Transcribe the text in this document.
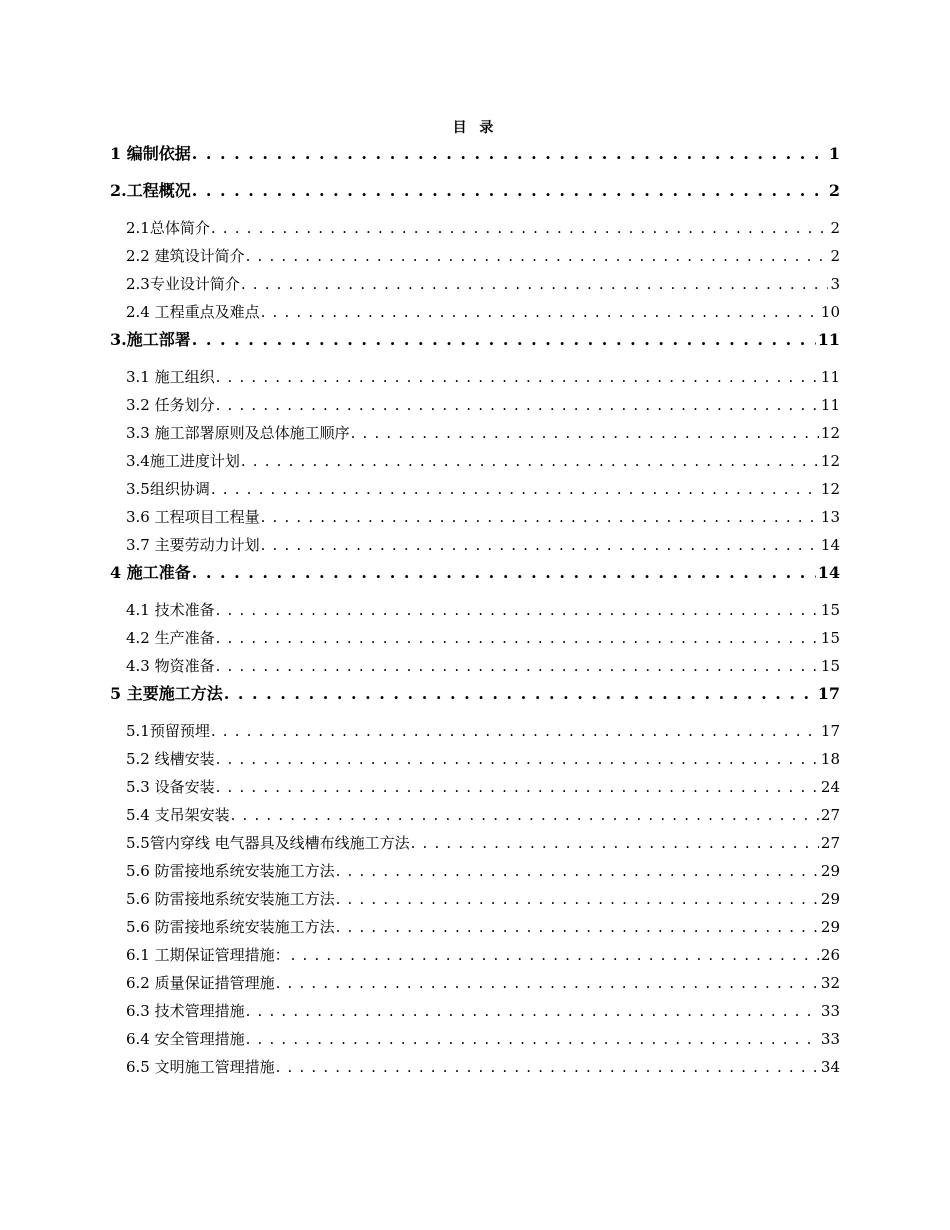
目 录
1 编制依据 . . .	1
2.工程概况 . . .	2
2.1总体简介 . . .	2
2.2 建筑设计简介 . . .	2
2.3专业设计简介 . . .	3
2.4 工程重点及难点 . . .	10
3.施工部署 . . .	11
3.1 施工组织 . . .	11
3.2 任务划分 . . .	11
3.3 施工部署原则及总体施工顺序 . . .	12
3.4施工进度计划 . . .	12
3.5组织协调 . . .	12
3.6 工程项目工程量 . . .	13
3.7 主要劳动力计划 . . .	14
4 施工准备 . . .	14
4.1 技术准备 . . .	15
4.2 生产准备 . . .	15
4.3 物资准备 . . .	15
5 主要施工方法 . . .	17
5.1预留预埋 . . .	17
5.2 线槽安装 . . .	18
5.3 设备安装 . . .	24
5.4 支吊架安装 . . .	27
5.5管内穿线 电气器具及线槽布线施工方法 . . .	27
5.6 防雷接地系统安装施工方法 . . .	29
5.6 防雷接地系统安装施工方法 . . .	29
5.6 防雷接地系统安装施工方法 . . .	29
6.1 工期保证管理措施： . . .	26
6.2 质量保证措管理施 . . .	32
6.3 技术管理措施 . . .	33
6.4 安全管理措施 . . .	33
6.5 文明施工管理措施 . . .	34
